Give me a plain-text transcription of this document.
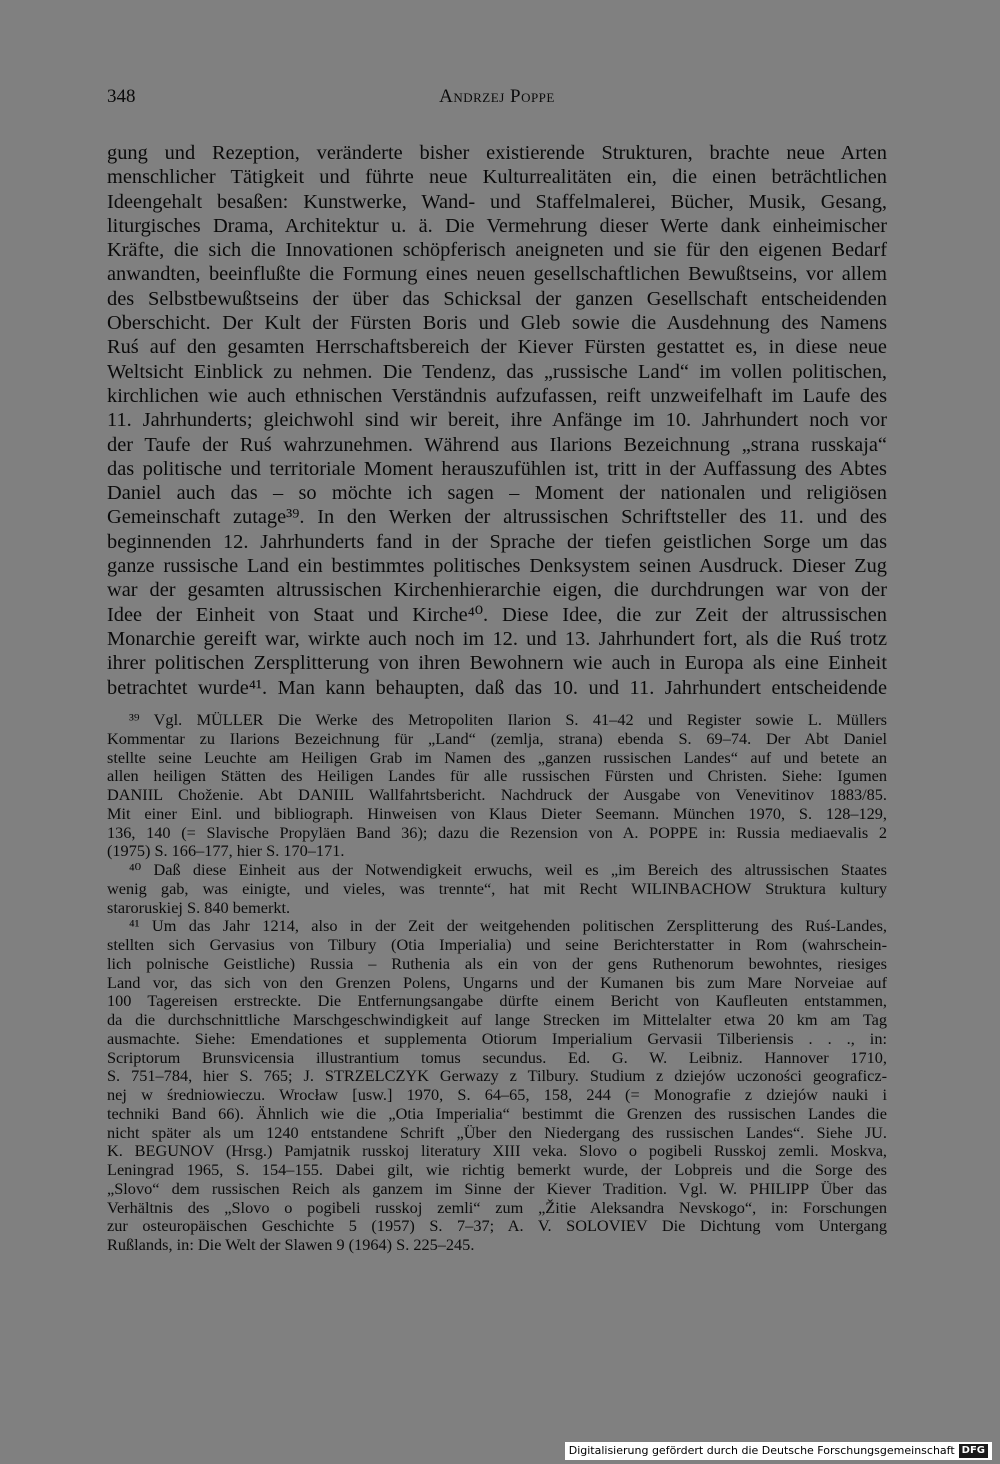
348	Andrzej Poppe
gung und Rezeption, veränderte bisher existierende Strukturen, brachte neue Arten
menschlicher Tätigkeit und führte neue Kulturrealitäten ein, die einen beträchtlichen
Ideengehalt besaßen: Kunstwerke, Wand- und Staffelmalerei, Bücher, Musik, Gesang,
liturgisches Drama, Architektur u. ä. Die Vermehrung dieser Werte dank einheimischer
Kräfte, die sich die Innovationen schöpferisch aneigneten und sie für den eigenen Bedarf
anwandten, beeinflußte die Formung eines neuen gesellschaftlichen Bewußtseins, vor allem
des Selbstbewußtseins der über das Schicksal der ganzen Gesellschaft entscheidenden
Oberschicht. Der Kult der Fürsten Boris und Gleb sowie die Ausdehnung des Namens
Ruś auf den gesamten Herrschaftsbereich der Kiever Fürsten gestattet es, in diese neue
Weltsicht Einblick zu nehmen. Die Tendenz, das „russische Land“ im vollen politischen,
kirchlichen wie auch ethnischen Verständnis aufzufassen, reift unzweifelhaft im Laufe des
11. Jahrhunderts; gleichwohl sind wir bereit, ihre Anfänge im 10. Jahrhundert noch vor
der Taufe der Ruś wahrzunehmen. Während aus Ilarions Bezeichnung „strana russkaja“
das politische und territoriale Moment herauszufühlen ist, tritt in der Auffassung des Abtes
Daniel auch das – so möchte ich sagen – Moment der nationalen und religiösen
Gemeinschaft zutage³⁹. In den Werken der altrussischen Schriftsteller des 11. und des
beginnenden 12. Jahrhunderts fand in der Sprache der tiefen geistlichen Sorge um das
ganze russische Land ein bestimmtes politisches Denksystem seinen Ausdruck. Dieser Zug
war der gesamten altrussischen Kirchenhierarchie eigen, die durchdrungen war von der
Idee der Einheit von Staat und Kirche⁴⁰. Diese Idee, die zur Zeit der altrussischen
Monarchie gereift war, wirkte auch noch im 12. und 13. Jahrhundert fort, als die Ruś trotz
ihrer politischen Zersplitterung von ihren Bewohnern wie auch in Europa als eine Einheit
betrachtet wurde⁴¹. Man kann behaupten, daß das 10. und 11. Jahrhundert entscheidende
³⁹ Vgl. MÜLLER Die Werke des Metropoliten Ilarion S. 41–42 und Register sowie L. Müllers
Kommentar zu Ilarions Bezeichnung für „Land“ (zemlja, strana) ebenda S. 69–74. Der Abt Daniel
stellte seine Leuchte am Heiligen Grab im Namen des „ganzen russischen Landes“ auf und betete an
allen heiligen Stätten des Heiligen Landes für alle russischen Fürsten und Christen. Siehe: Igumen
DANIIL Choženie. Abt DANIIL Wallfahrtsbericht. Nachdruck der Ausgabe von Venevitinov 1883/85.
Mit einer Einl. und bibliograph. Hinweisen von Klaus Dieter Seemann. München 1970, S. 128–129,
136, 140 (= Slavische Propyläen Band 36); dazu die Rezension von A. POPPE in: Russia mediaevalis 2
(1975) S. 166–177, hier S. 170–171.
⁴⁰ Daß diese Einheit aus der Notwendigkeit erwuchs, weil es „im Bereich des altrussischen Staates
wenig gab, was einigte, und vieles, was trennte“, hat mit Recht WILINBACHOW Struktura kultury
staroruskiej S. 840 bemerkt.
⁴¹ Um das Jahr 1214, also in der Zeit der weitgehenden politischen Zersplitterung des Ruś-Landes,
stellten sich Gervasius von Tilbury (Otia Imperialia) und seine Berichterstatter in Rom (wahrschein-
lich polnische Geistliche) Russia – Ruthenia als ein von der gens Ruthenorum bewohntes, riesiges
Land vor, das sich von den Grenzen Polens, Ungarns und der Kumanen bis zum Mare Norveiae auf
100 Tagereisen erstreckte. Die Entfernungsangabe dürfte einem Bericht von Kaufleuten entstammen,
da die durchschnittliche Marschgeschwindigkeit auf lange Strecken im Mittelalter etwa 20 km am Tag
ausmachte. Siehe: Emendationes et supplementa Otiorum Imperialium Gervasii Tilberiensis . . ., in:
Scriptorum Brunsvicensia illustrantium tomus secundus. Ed. G. W. Leibniz. Hannover 1710,
S. 751–784, hier S. 765; J. STRZELCZYK Gerwazy z Tilbury. Studium z dziejów uczoności geograficz-
nej w średniowieczu. Wrocław [usw.] 1970, S. 64–65, 158, 244 (= Monografie z dziejów nauki i
techniki Band 66). Ähnlich wie die „Otia Imperialia“ bestimmt die Grenzen des russischen Landes die
nicht später als um 1240 entstandene Schrift „Über den Niedergang des russischen Landes“. Siehe JU.
K. BEGUNOV (Hrsg.) Pamjatnik russkoj literatury XIII veka. Slovo o pogibeli Russkoj zemli. Moskva,
Leningrad 1965, S. 154–155. Dabei gilt, wie richtig bemerkt wurde, der Lobpreis und die Sorge des
„Slovo“ dem russischen Reich als ganzem im Sinne der Kiever Tradition. Vgl. W. PHILIPP Über das
Verhältnis des „Slovo o pogibeli russkoj zemli“ zum „Žitie Aleksandra Nevskogo“, in: Forschungen
zur osteuropäischen Geschichte 5 (1957) S. 7–37; A. V. SOLOVIEV Die Dichtung vom Untergang
Rußlands, in: Die Welt der Slawen 9 (1964) S. 225–245.
Digitalisierung gefördert durch die Deutsche Forschungsgemeinschaft DFG
